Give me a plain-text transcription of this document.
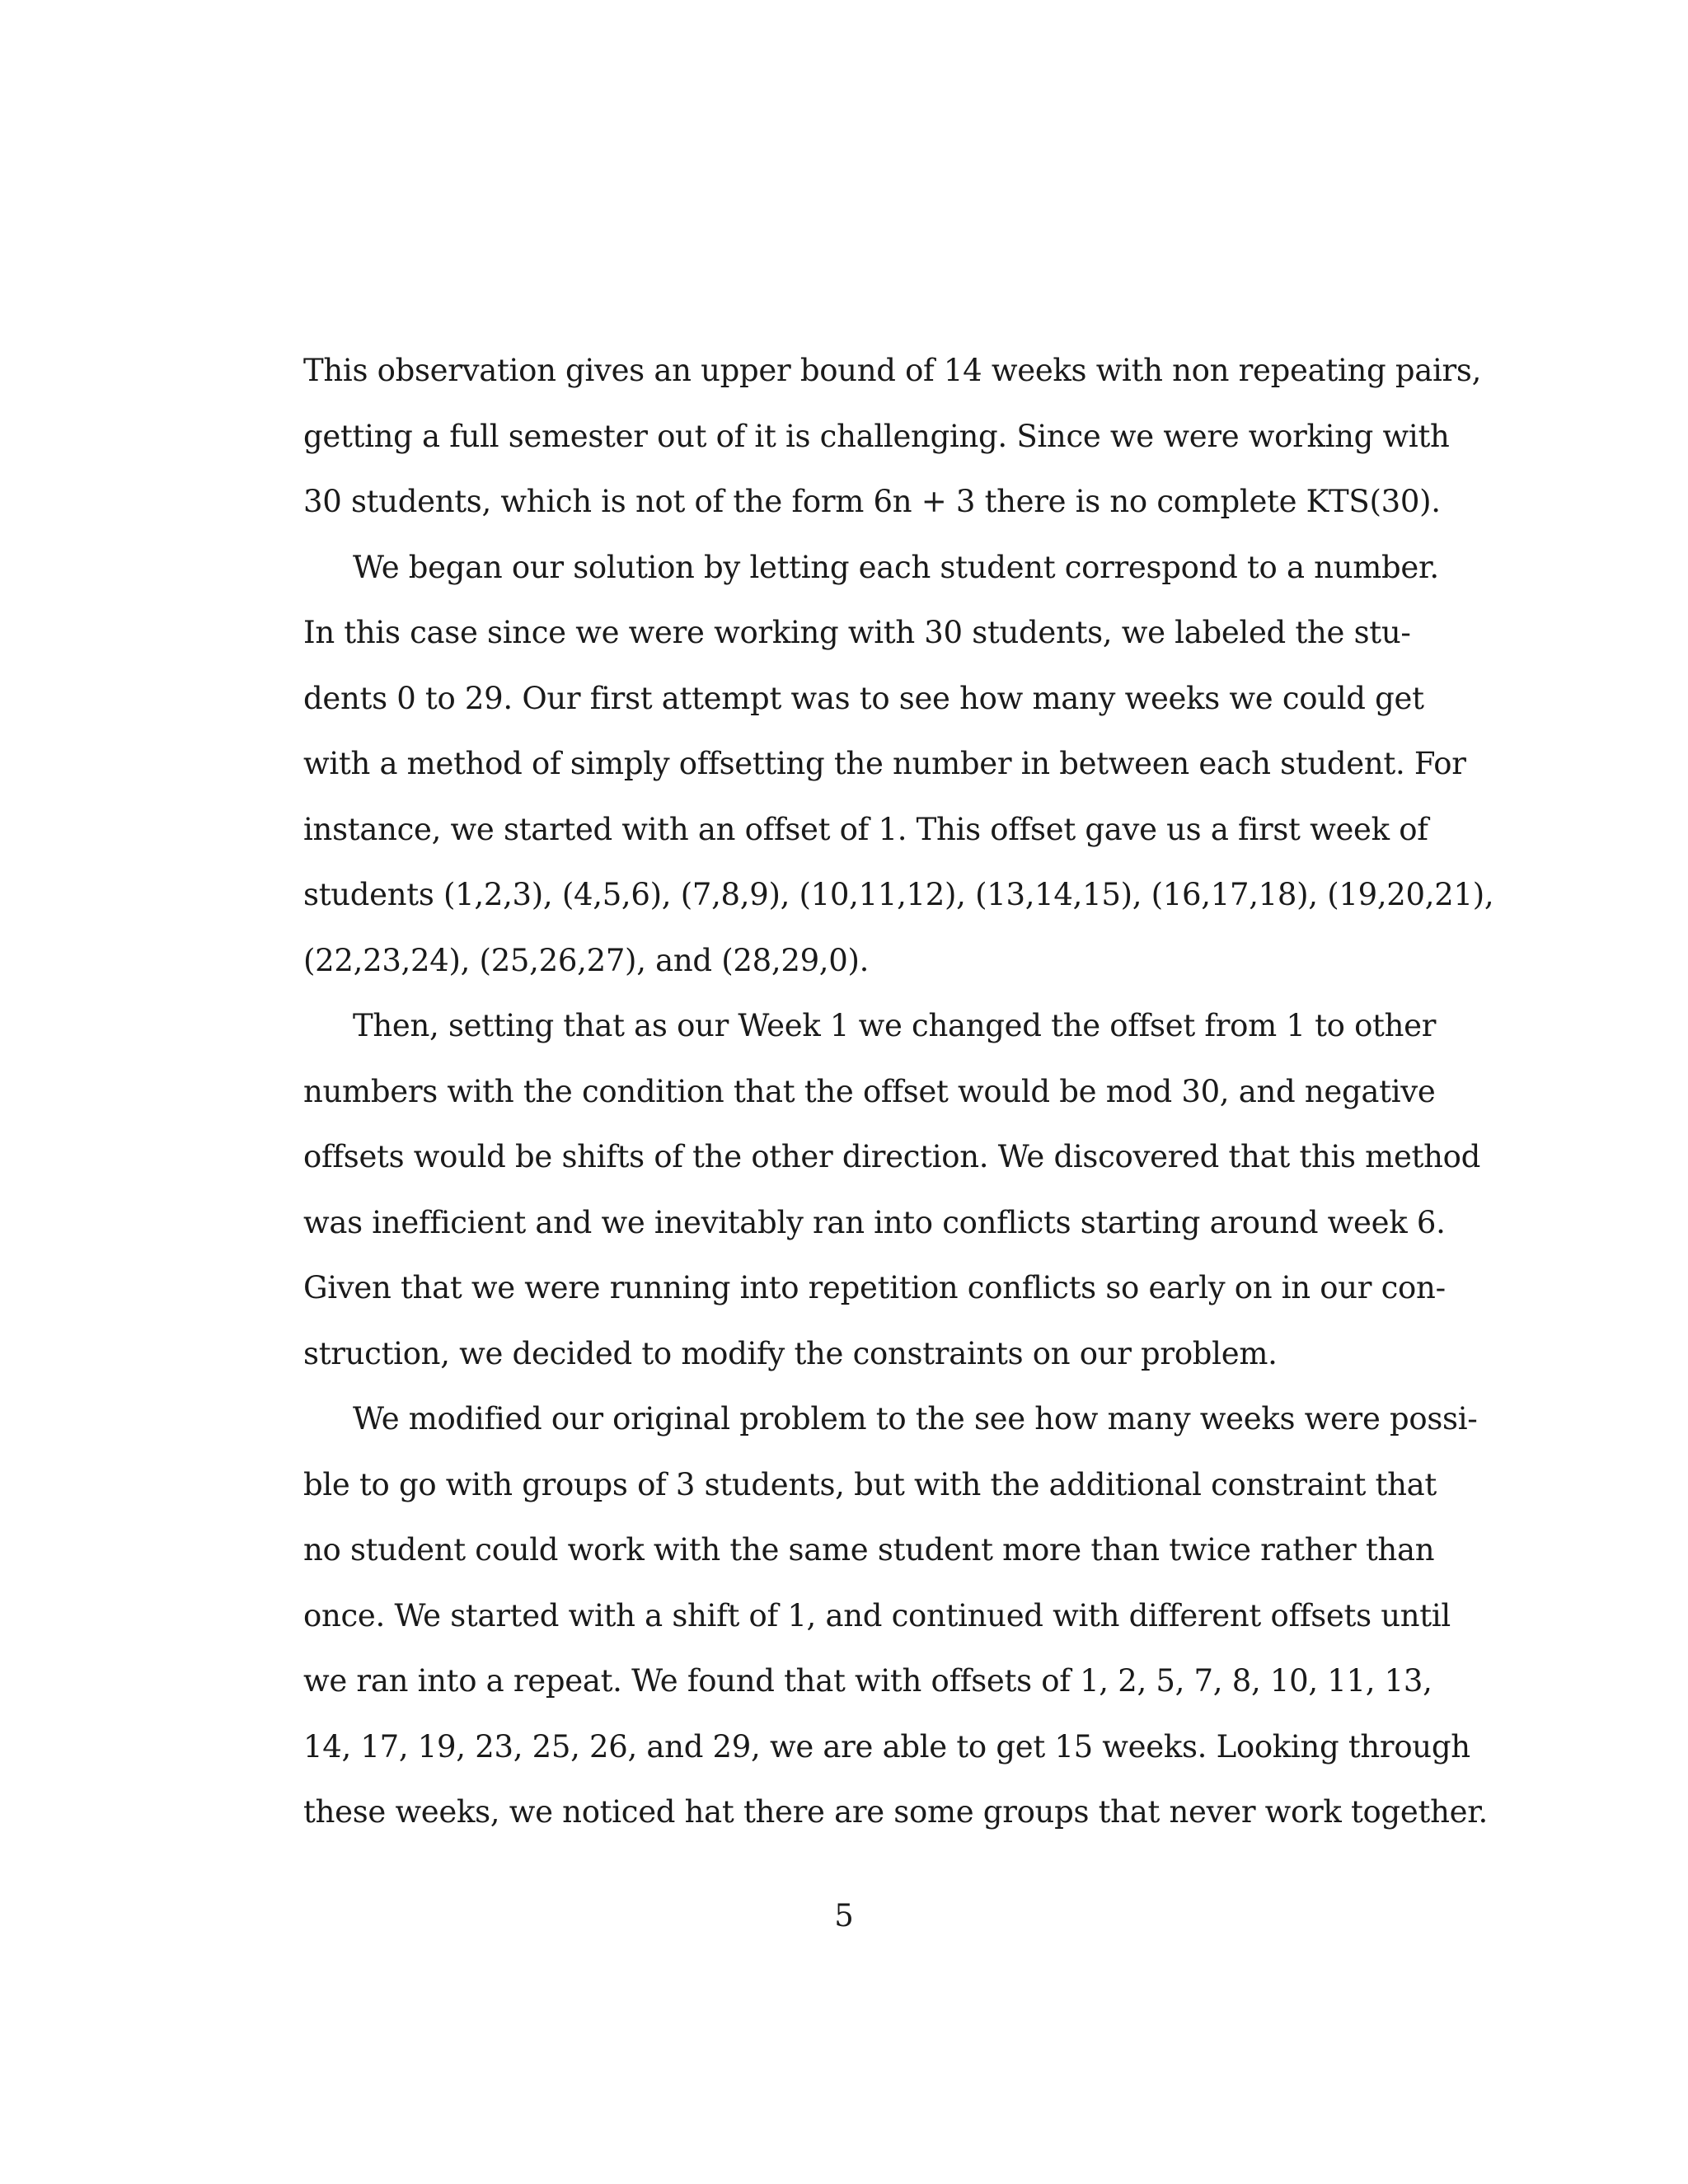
This observation gives an upper bound of 14 weeks with non repeating pairs,
getting a full semester out of it is challenging. Since we were working with
30 students, which is not of the form 6n + 3 there is no complete KTS(30).
We began our solution by letting each student correspond to a number.
In this case since we were working with 30 students, we labeled the stu-
dents 0 to 29. Our first attempt was to see how many weeks we could get
with a method of simply offsetting the number in between each student. For
instance, we started with an offset of 1. This offset gave us a first week of
students (1,2,3), (4,5,6), (7,8,9), (10,11,12), (13,14,15), (16,17,18), (19,20,21),
(22,23,24), (25,26,27), and (28,29,0).
Then, setting that as our Week 1 we changed the offset from 1 to other
numbers with the condition that the offset would be mod 30, and negative
offsets would be shifts of the other direction. We discovered that this method
was inefficient and we inevitably ran into conflicts starting around week 6.
Given that we were running into repetition conflicts so early on in our con-
struction, we decided to modify the constraints on our problem.
We modified our original problem to the see how many weeks were possi-
ble to go with groups of 3 students, but with the additional constraint that
no student could work with the same student more than twice rather than
once. We started with a shift of 1, and continued with different offsets until
we ran into a repeat. We found that with offsets of 1, 2, 5, 7, 8, 10, 11, 13,
14, 17, 19, 23, 25, 26, and 29, we are able to get 15 weeks. Looking through
these weeks, we noticed hat there are some groups that never work together.
5
